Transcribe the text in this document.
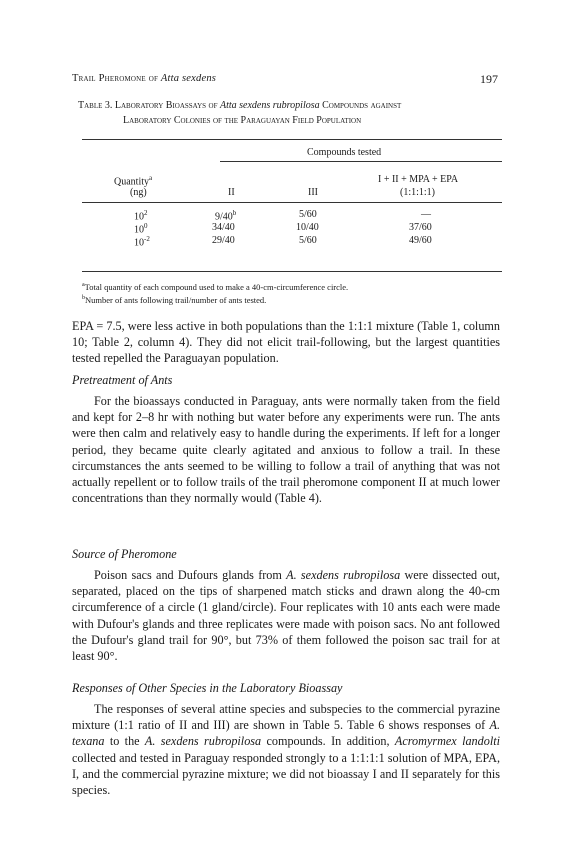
Trail Pheromone of Atta sexdens	197
Table 3. Laboratory Bioassays of Atta sexdens rubropilosa Compounds against
Laboratory Colonies of the Paraguayan Field Population
Compounds tested
Quantity$^a$
(ng)	II	III
I + II + MPA + EPA
(1:1:1:1)
$10^2$	9/40$^b$	5/60	—
$10^0$	34/40	10/40	37/60
$10^{-2}$	29/40	5/60	49/60
$^a$Total quantity of each compound used to make a 40-cm-circumference circle.
$^b$Number of ants following trail/number of ants tested.

EPA = 7.5, were less active in both populations than the 1:1:1 mixture (Table 1, column 10; Table 2, column 4). They did not elicit trail-following, but the largest quantities tested repelled the Paraguayan population.

Pretreatment of Ants

For the bioassays conducted in Paraguay, ants were normally taken from the field and kept for 2–8 hr with nothing but water before any experiments were run. The ants were then calm and relatively easy to handle during the experiments. If left for a longer period, they became quite clearly agitated and anxious to follow a trail. In these circumstances the ants seemed to be willing to follow a trail of anything that was not actually repellent or to follow trails of the trail pheromone component II at much lower concentrations than they normally would (Table 4).

Source of Pheromone

Poison sacs and Dufours glands from A. sexdens rubropilosa were dissected out, separated, placed on the tips of sharpened match sticks and drawn along the 40-cm circumference of a circle (1 gland/circle). Four replicates with 10 ants each were made with Dufour's glands and three replicates were made with poison sacs. No ant followed the Dufour's gland trail for 90°, but 73% of them followed the poison sac trail for at least 90°.

Responses of Other Species in the Laboratory Bioassay

The responses of several attine species and subspecies to the commercial pyrazine mixture (1:1 ratio of II and III) are shown in Table 5. Table 6 shows responses of A. texana to the A. sexdens rubropilosa compounds. In addition, Acromyrmex landolti collected and tested in Paraguay responded strongly to a 1:1:1:1 solution of MPA, EPA, I, and the commercial pyrazine mixture; we did not bioassay I and II separately for this species.
